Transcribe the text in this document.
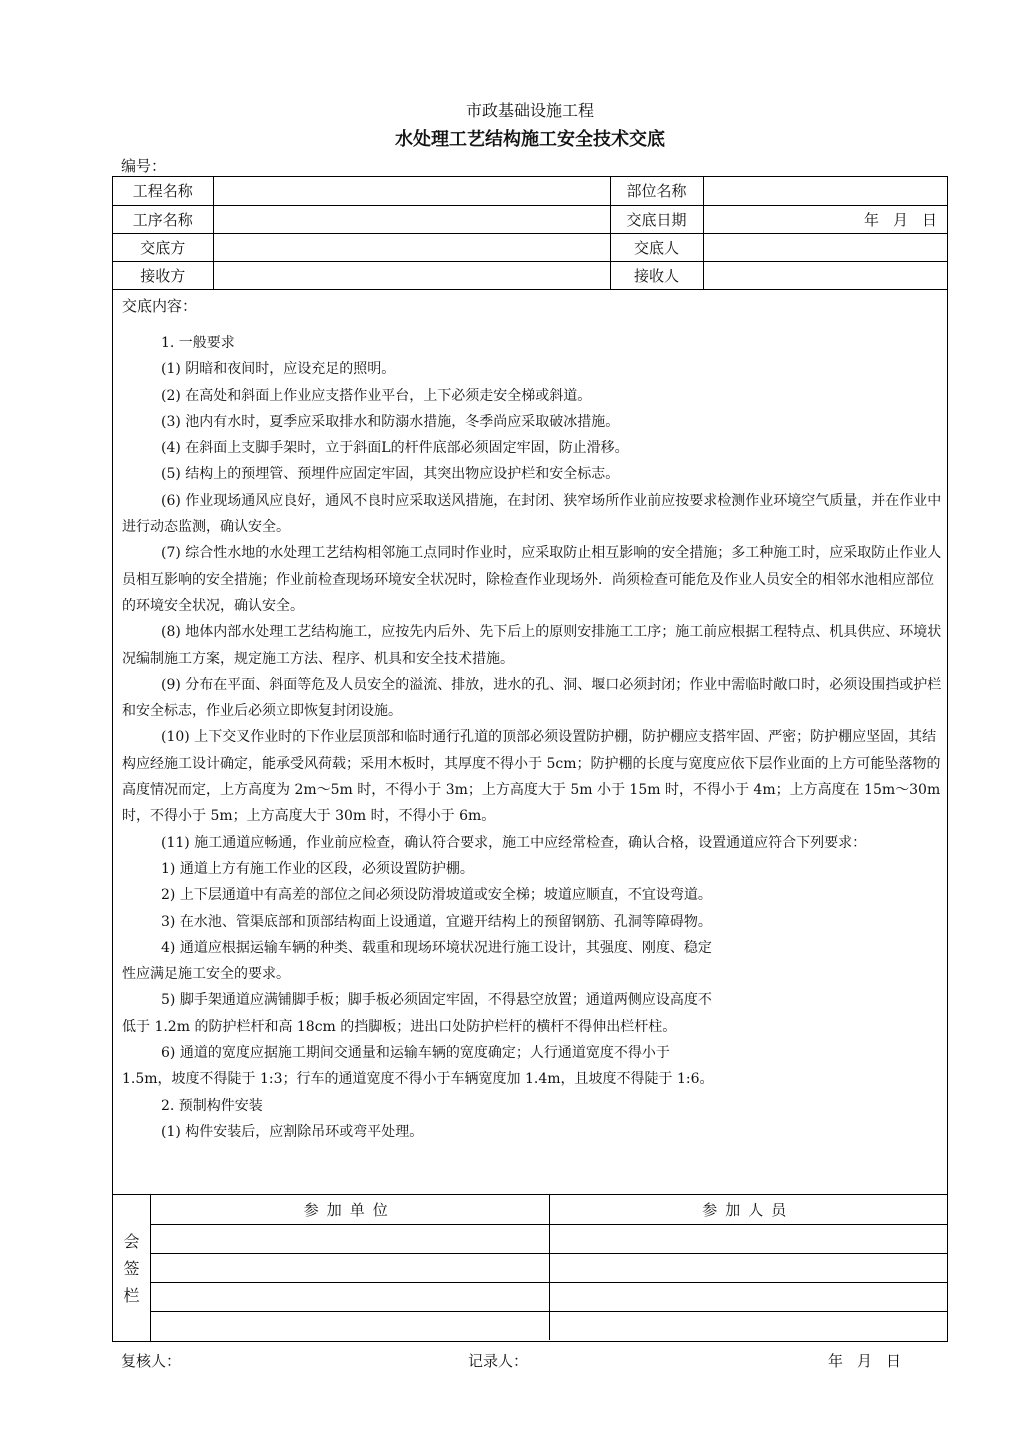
市政基础设施工程
水处理工艺结构施工安全技术交底
编号：
工程名称		部位名称	
工序名称		交底日期	年 月 日
交底方		交底人	
接收方		接收人	
交底内容：

1. 一般要求

(1) 阴暗和夜间时，应设充足的照明。

(2) 在高处和斜面上作业应支搭作业平台，上下必须走安全梯或斜道。

(3) 池内有水时，夏季应采取排水和防溺水措施，冬季尚应采取破冰措施。

(4) 在斜面上支脚手架时，立于斜面L的杆件底部必须固定牢固，防止滑移。

(5) 结构上的预埋管、预埋件应固定牢固，其突出物应设护栏和安全标志。

(6) 作业现场通风应良好，通风不良时应采取送风措施，在封闭、狭窄场所作业前应按要求检测作业环境空气质量，并在作业中进行动态监测，确认安全。

(7) 综合性水地的水处理工艺结构相邻施工点同时作业时，应采取防止相互影响的安全措施；多工种施工时，应采取防止作业人员相互影响的安全措施；作业前检查现场环境安全状况时，除检查作业现场外．尚须检查可能危及作业人员安全的相邻水池相应部位的环境安全状况，确认安全。

(8) 地体内部水处理工艺结构施工，应按先内后外、先下后上的原则安排施工工序；施工前应根据工程特点、机具供应、环境状况编制施工方案，规定施工方法、程序、机具和安全技术措施。

(9) 分布在平面、斜面等危及人员安全的溢流、排放，进水的孔、洞、堰口必须封闭；作业中需临时敞口时，必须设围挡或护栏和安全标志，作业后必须立即恢复封闭设施。

(10) 上下交叉作业时的下作业层顶部和临时通行孔道的顶部必须设置防护棚，防护棚应支搭牢固、严密；防护棚应坚固，其结构应经施工设计确定，能承受风荷载；采用木板时，其厚度不得小于 5cm；防护棚的长度与宽度应依下层作业面的上方可能坠落物的高度情况而定，上方高度为 2m～5m 时，不得小于 3m；上方高度大于 5m 小于 15m 时，不得小于 4m；上方高度在 15m～30m 时，不得小于 5m；上方高度大于 30m 时，不得小于 6m。

(11) 施工通道应畅通，作业前应检查，确认符合要求，施工中应经常检查，确认合格，设置通道应符合下列要求：

1) 通道上方有施工作业的区段，必须设置防护棚。

2) 上下层通道中有高差的部位之间必须设防滑坡道或安全梯；坡道应顺直，不宜设弯道。

3) 在水池、管渠底部和顶部结构面上设通道，宜避开结构上的预留钢筋、孔洞等障碍物。

4) 通道应根据运输车辆的种类、载重和现场环境状况进行施工设计，其强度、刚度、稳定

性应满足施工安全的要求。

5) 脚手架通道应满铺脚手板；脚手板必须固定牢固，不得悬空放置；通道两侧应设高度不

低于 1.2m 的防护栏杆和高 18cm 的挡脚板；进出口处防护栏杆的横杆不得伸出栏杆柱。

6) 通道的宽度应据施工期间交通量和运输车辆的宽度确定；人行通道宽度不得小于

1.5m，坡度不得陡于 1:3；行车的通道宽度不得小于车辆宽度加 1.4m，且坡度不得陡于 1:6。

2. 预制构件安装

(1) 构件安装后，应割除吊环或弯平处理。

会
签
栏
参加单位	参加人员

复核人：	记录人：	年 月 日
